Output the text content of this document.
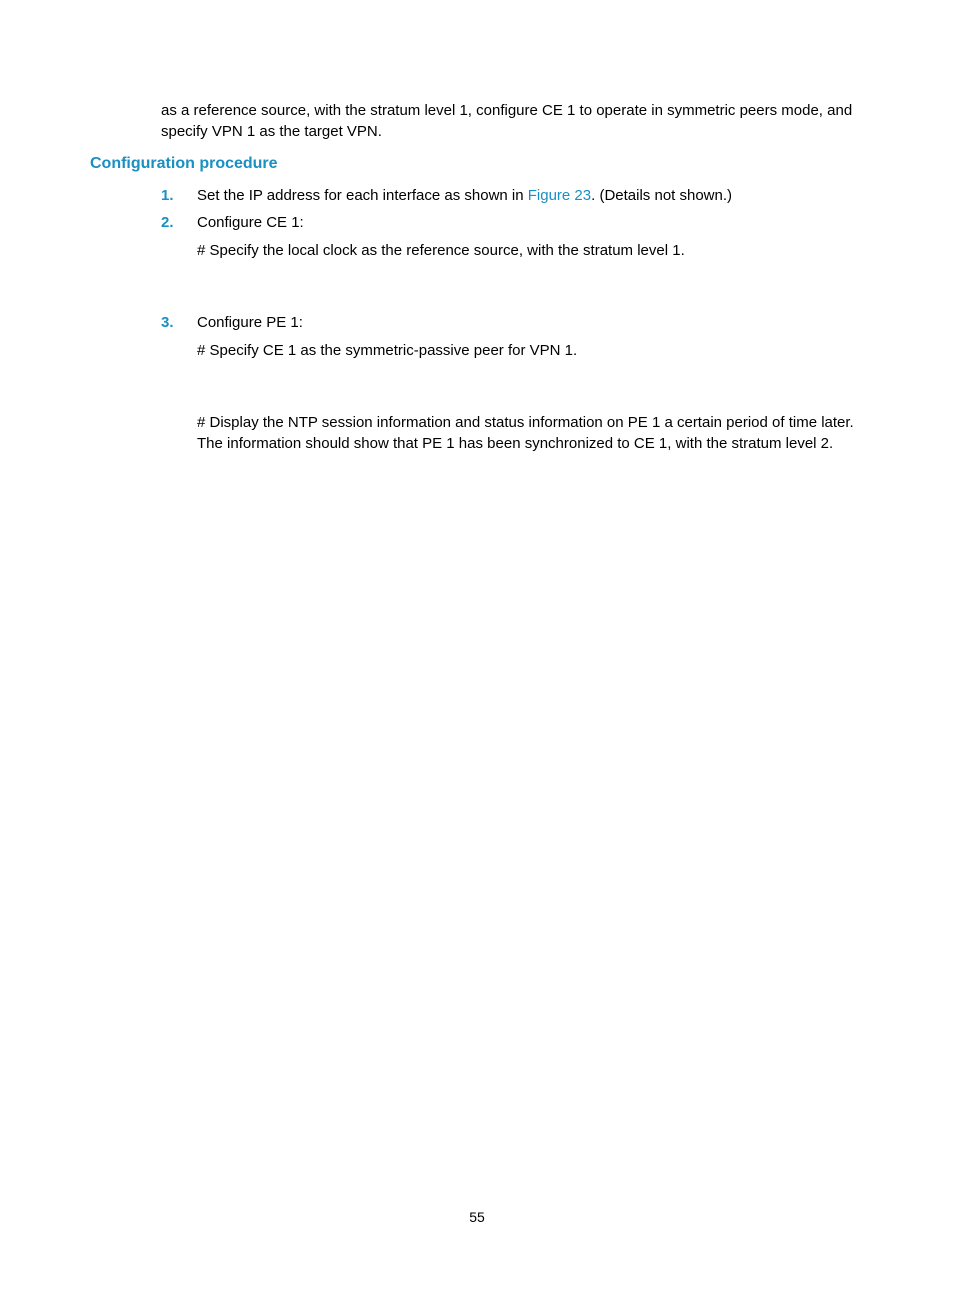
as a reference source, with the stratum level 1, configure CE 1 to operate in symmetric peers mode, and

specify VPN 1 as the target VPN.

Configuration procedure
1. Set the IP address for each interface as shown in Figure 23. (Details not shown.)
2. Configure CE 1:

# Specify the local clock as the reference source, with the stratum level 1.

3. Configure PE 1:

# Specify CE 1 as the symmetric-passive peer for VPN 1.

# Display the NTP session information and status information on PE 1 a certain period of time later.
The information should show that PE 1 has been synchronized to CE 1, with the stratum level 2.
55
